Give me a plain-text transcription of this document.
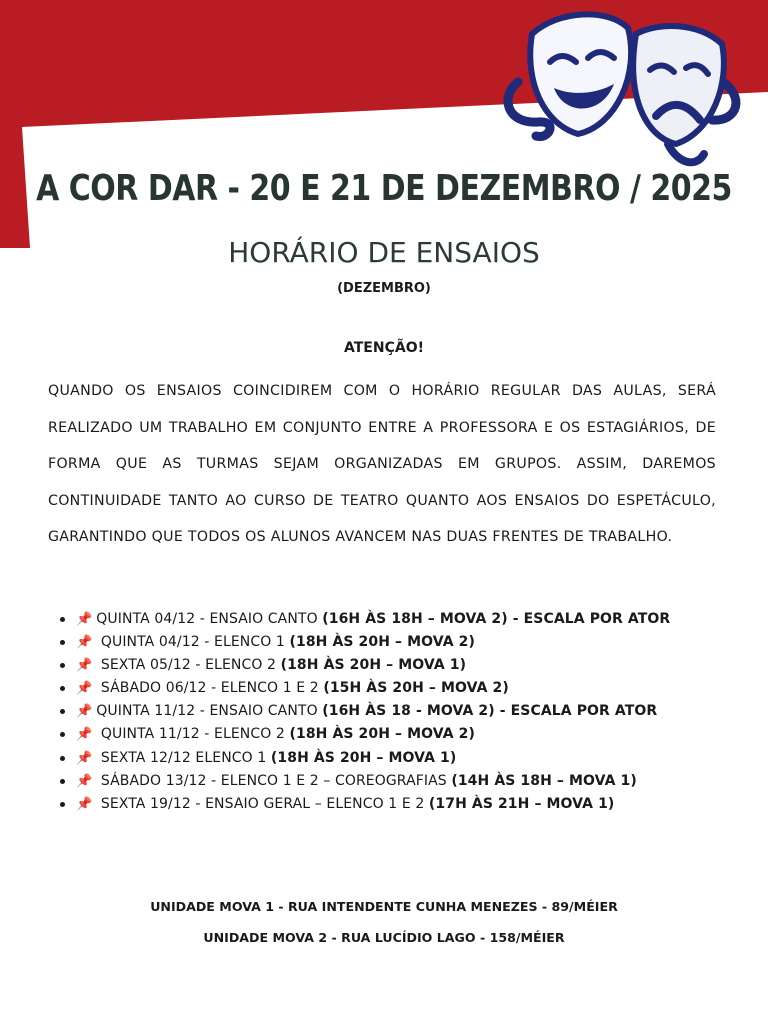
A COR DAR - 20 E 21 DE DEZEMBRO / 2025
HORÁRIO DE ENSAIOS
(DEZEMBRO)
ATENÇÃO!
QUANDO OS ENSAIOS COINCIDIREM COM O HORÁRIO REGULAR DAS AULAS, SERÁ REALIZADO UM TRABALHO EM CONJUNTO ENTRE A PROFESSORA E OS ESTAGIÁRIOS, DE FORMA QUE AS TURMAS SEJAM ORGANIZADAS EM GRUPOS. ASSIM, DAREMOS CONTINUIDADE TANTO AO CURSO DE TEATRO QUANTO AOS ENSAIOS DO ESPETÁCULO, GARANTINDO QUE TODOS OS ALUNOS AVANCEM NAS DUAS FRENTES DE TRABALHO.
📌 QUINTA 04/12 - ENSAIO CANTO (16H ÀS 18H – MOVA 2) - ESCALA POR ATOR
📌 QUINTA 04/12 - ELENCO 1 (18H ÀS 20H – MOVA 2)
📌 SEXTA 05/12 - ELENCO 2 (18H ÀS 20H – MOVA 1)
📌 SÁBADO 06/12 - ELENCO 1 E 2 (15H ÀS 20H – MOVA 2)
📌 QUINTA 11/12 - ENSAIO CANTO (16H ÀS 18 - MOVA 2) - ESCALA POR ATOR
📌 QUINTA 11/12 - ELENCO 2 (18H ÀS 20H – MOVA 2)
📌 SEXTA 12/12 ELENCO 1 (18H ÀS 20H – MOVA 1)
📌 SÁBADO 13/12 - ELENCO 1 E 2 – COREOGRAFIAS (14H ÀS 18H – MOVA 1)
📌 SEXTA 19/12 - ENSAIO GERAL – ELENCO 1 E 2 (17H ÀS 21H – MOVA 1)
UNIDADE MOVA 1 - RUA INTENDENTE CUNHA MENEZES - 89/MÉIER
UNIDADE MOVA 2 - RUA LUCÍDIO LAGO - 158/MÉIER
